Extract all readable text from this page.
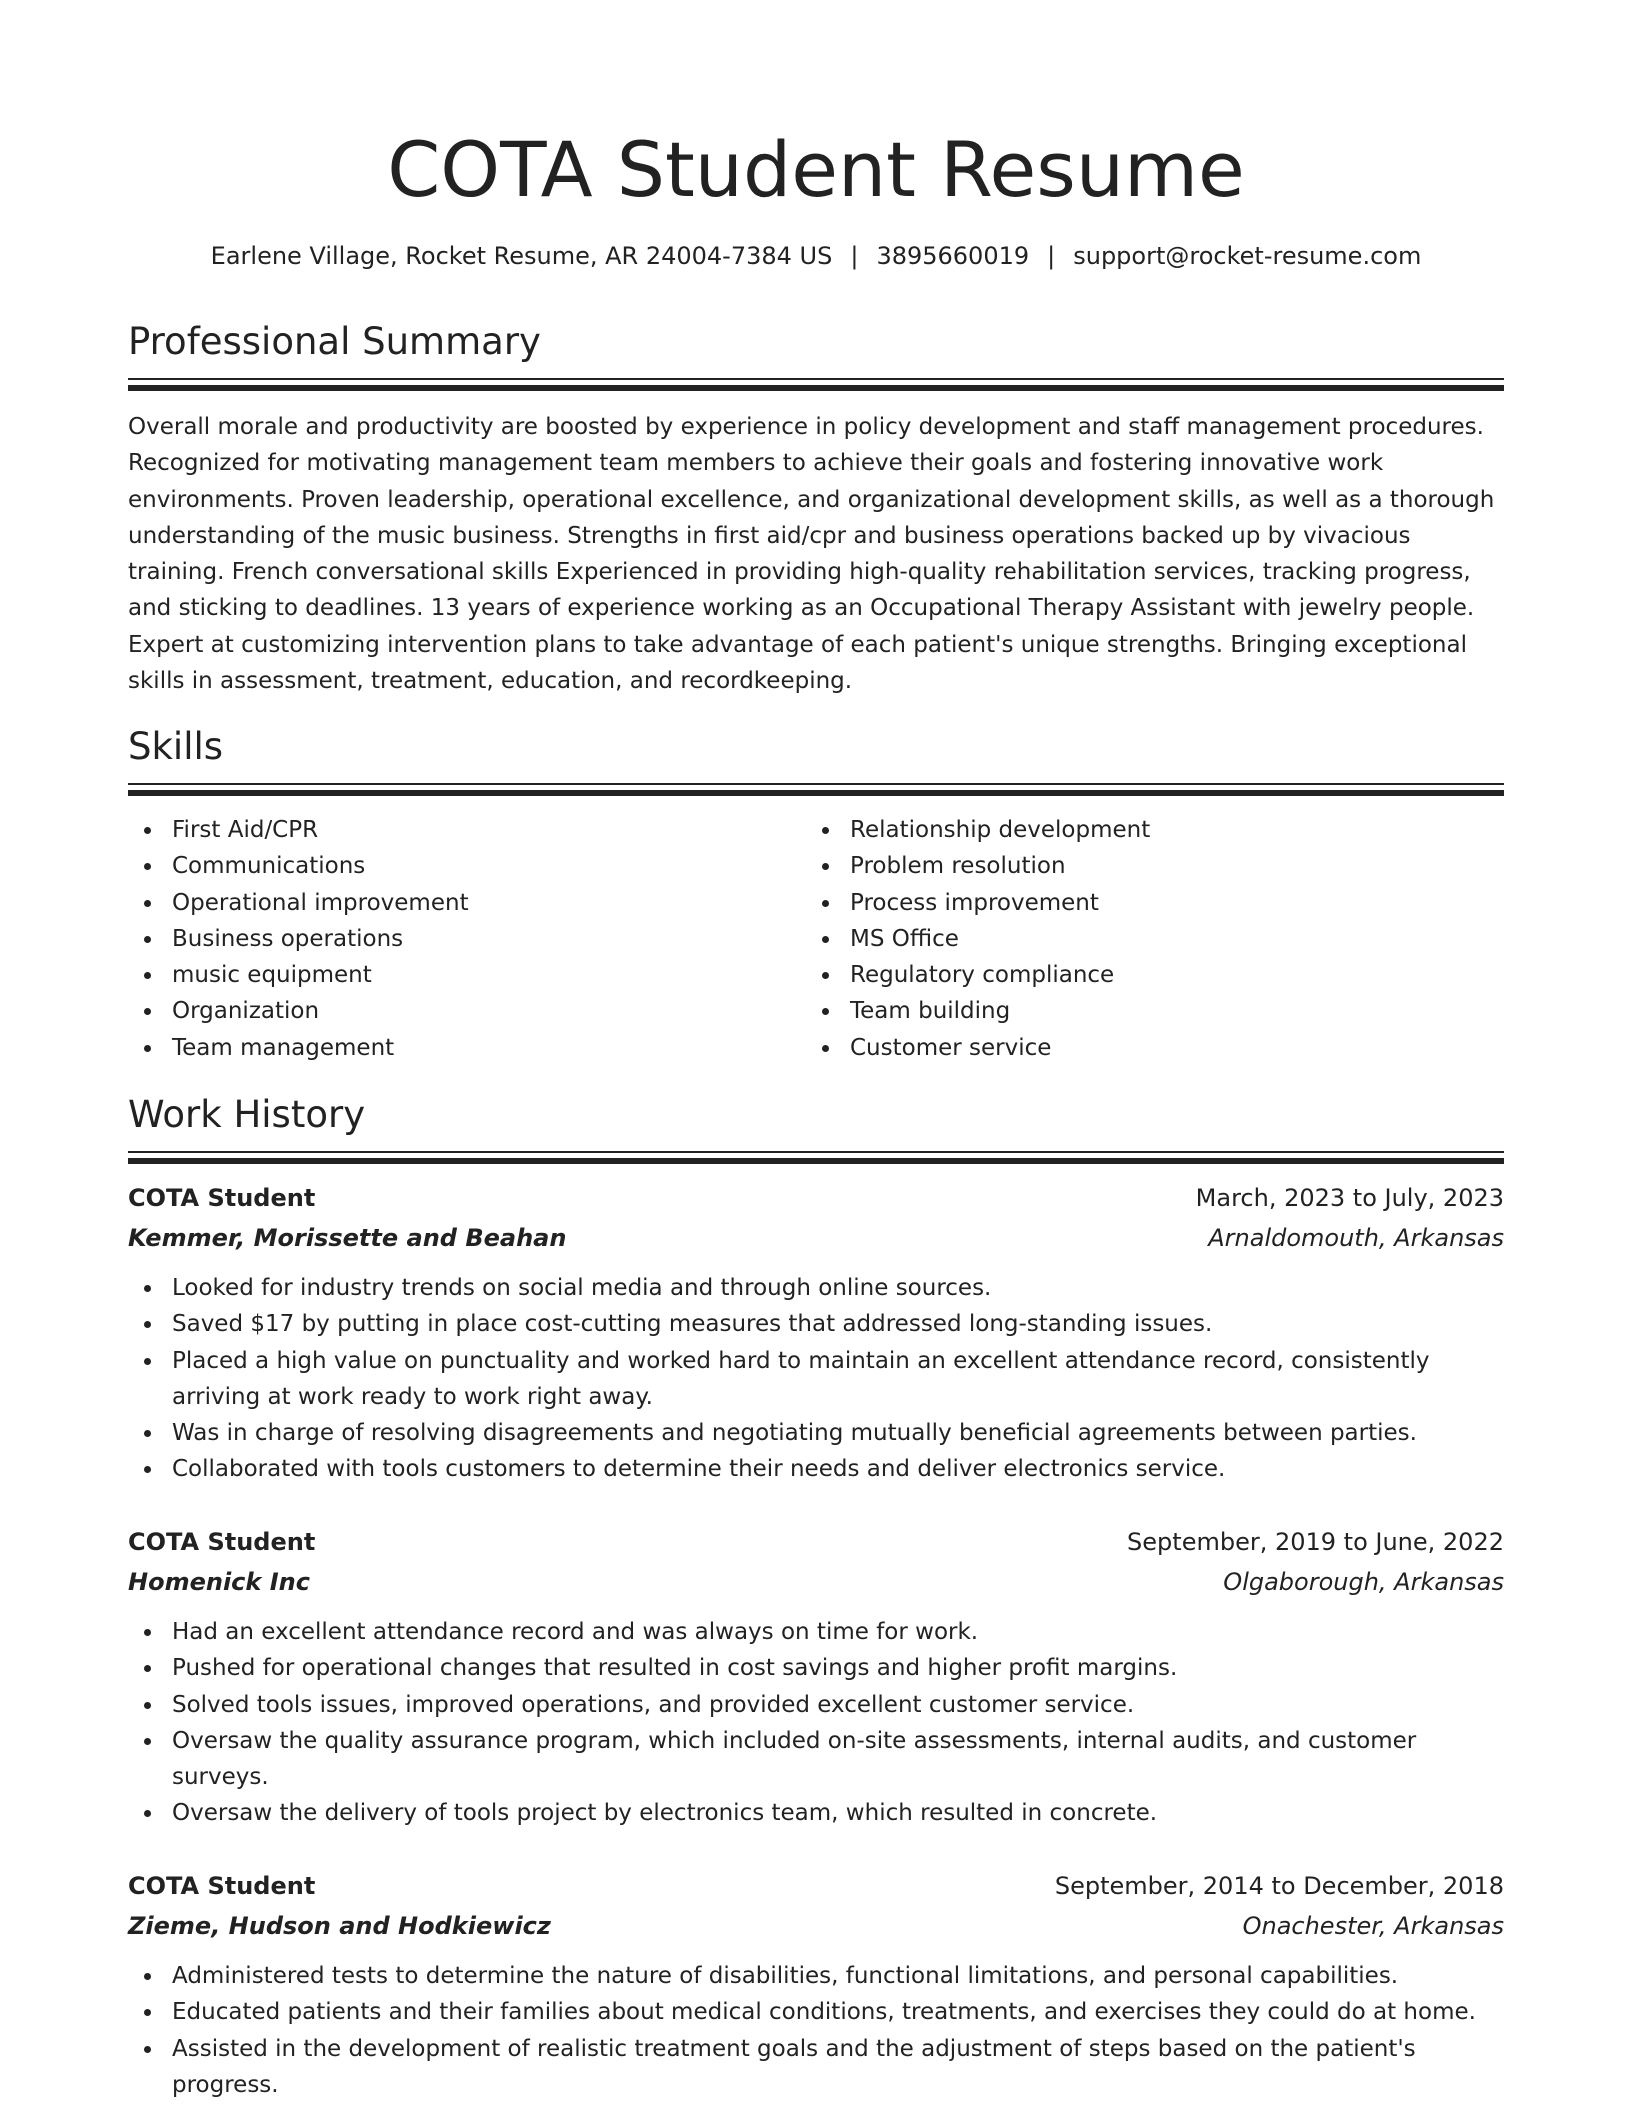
COTA Student Resume
Earlene Village, Rocket Resume, AR 24004-7384 US | 3895660019 | support@rocket-resume.com
Professional Summary
Overall morale and productivity are boosted by experience in policy development and staff management procedures. Recognized for motivating management team members to achieve their goals and fostering innovative work environments. Proven leadership, operational excellence, and organizational development skills, as well as a thorough understanding of the music business. Strengths in first aid/cpr and business operations backed up by vivacious training. French conversational skills Experienced in providing high-quality rehabilitation services, tracking progress, and sticking to deadlines. 13 years of experience working as an Occupational Therapy Assistant with jewelry people. Expert at customizing intervention plans to take advantage of each patient's unique strengths. Bringing exceptional skills in assessment, treatment, education, and recordkeeping.
Skills
First Aid/CPR
Communications
Operational improvement
Business operations
music equipment
Organization
Team management
Relationship development
Problem resolution
Process improvement
MS Office
Regulatory compliance
Team building
Customer service
Work History
COTA Student	March, 2023 to July, 2023
Kemmer, Morissette and Beahan	Arnaldomouth, Arkansas
Looked for industry trends on social media and through online sources.
Saved $17 by putting in place cost-cutting measures that addressed long-standing issues.
Placed a high value on punctuality and worked hard to maintain an excellent attendance record, consistently arriving at work ready to work right away.
Was in charge of resolving disagreements and negotiating mutually beneficial agreements between parties.
Collaborated with tools customers to determine their needs and deliver electronics service.
COTA Student	September, 2019 to June, 2022
Homenick Inc	Olgaborough, Arkansas
Had an excellent attendance record and was always on time for work.
Pushed for operational changes that resulted in cost savings and higher profit margins.
Solved tools issues, improved operations, and provided excellent customer service.
Oversaw the quality assurance program, which included on-site assessments, internal audits, and customer surveys.
Oversaw the delivery of tools project by electronics team, which resulted in concrete.
COTA Student	September, 2014 to December, 2018
Zieme, Hudson and Hodkiewicz	Onachester, Arkansas
Administered tests to determine the nature of disabilities, functional limitations, and personal capabilities.
Educated patients and their families about medical conditions, treatments, and exercises they could do at home.
Assisted in the development of realistic treatment goals and the adjustment of steps based on the patient's progress.
